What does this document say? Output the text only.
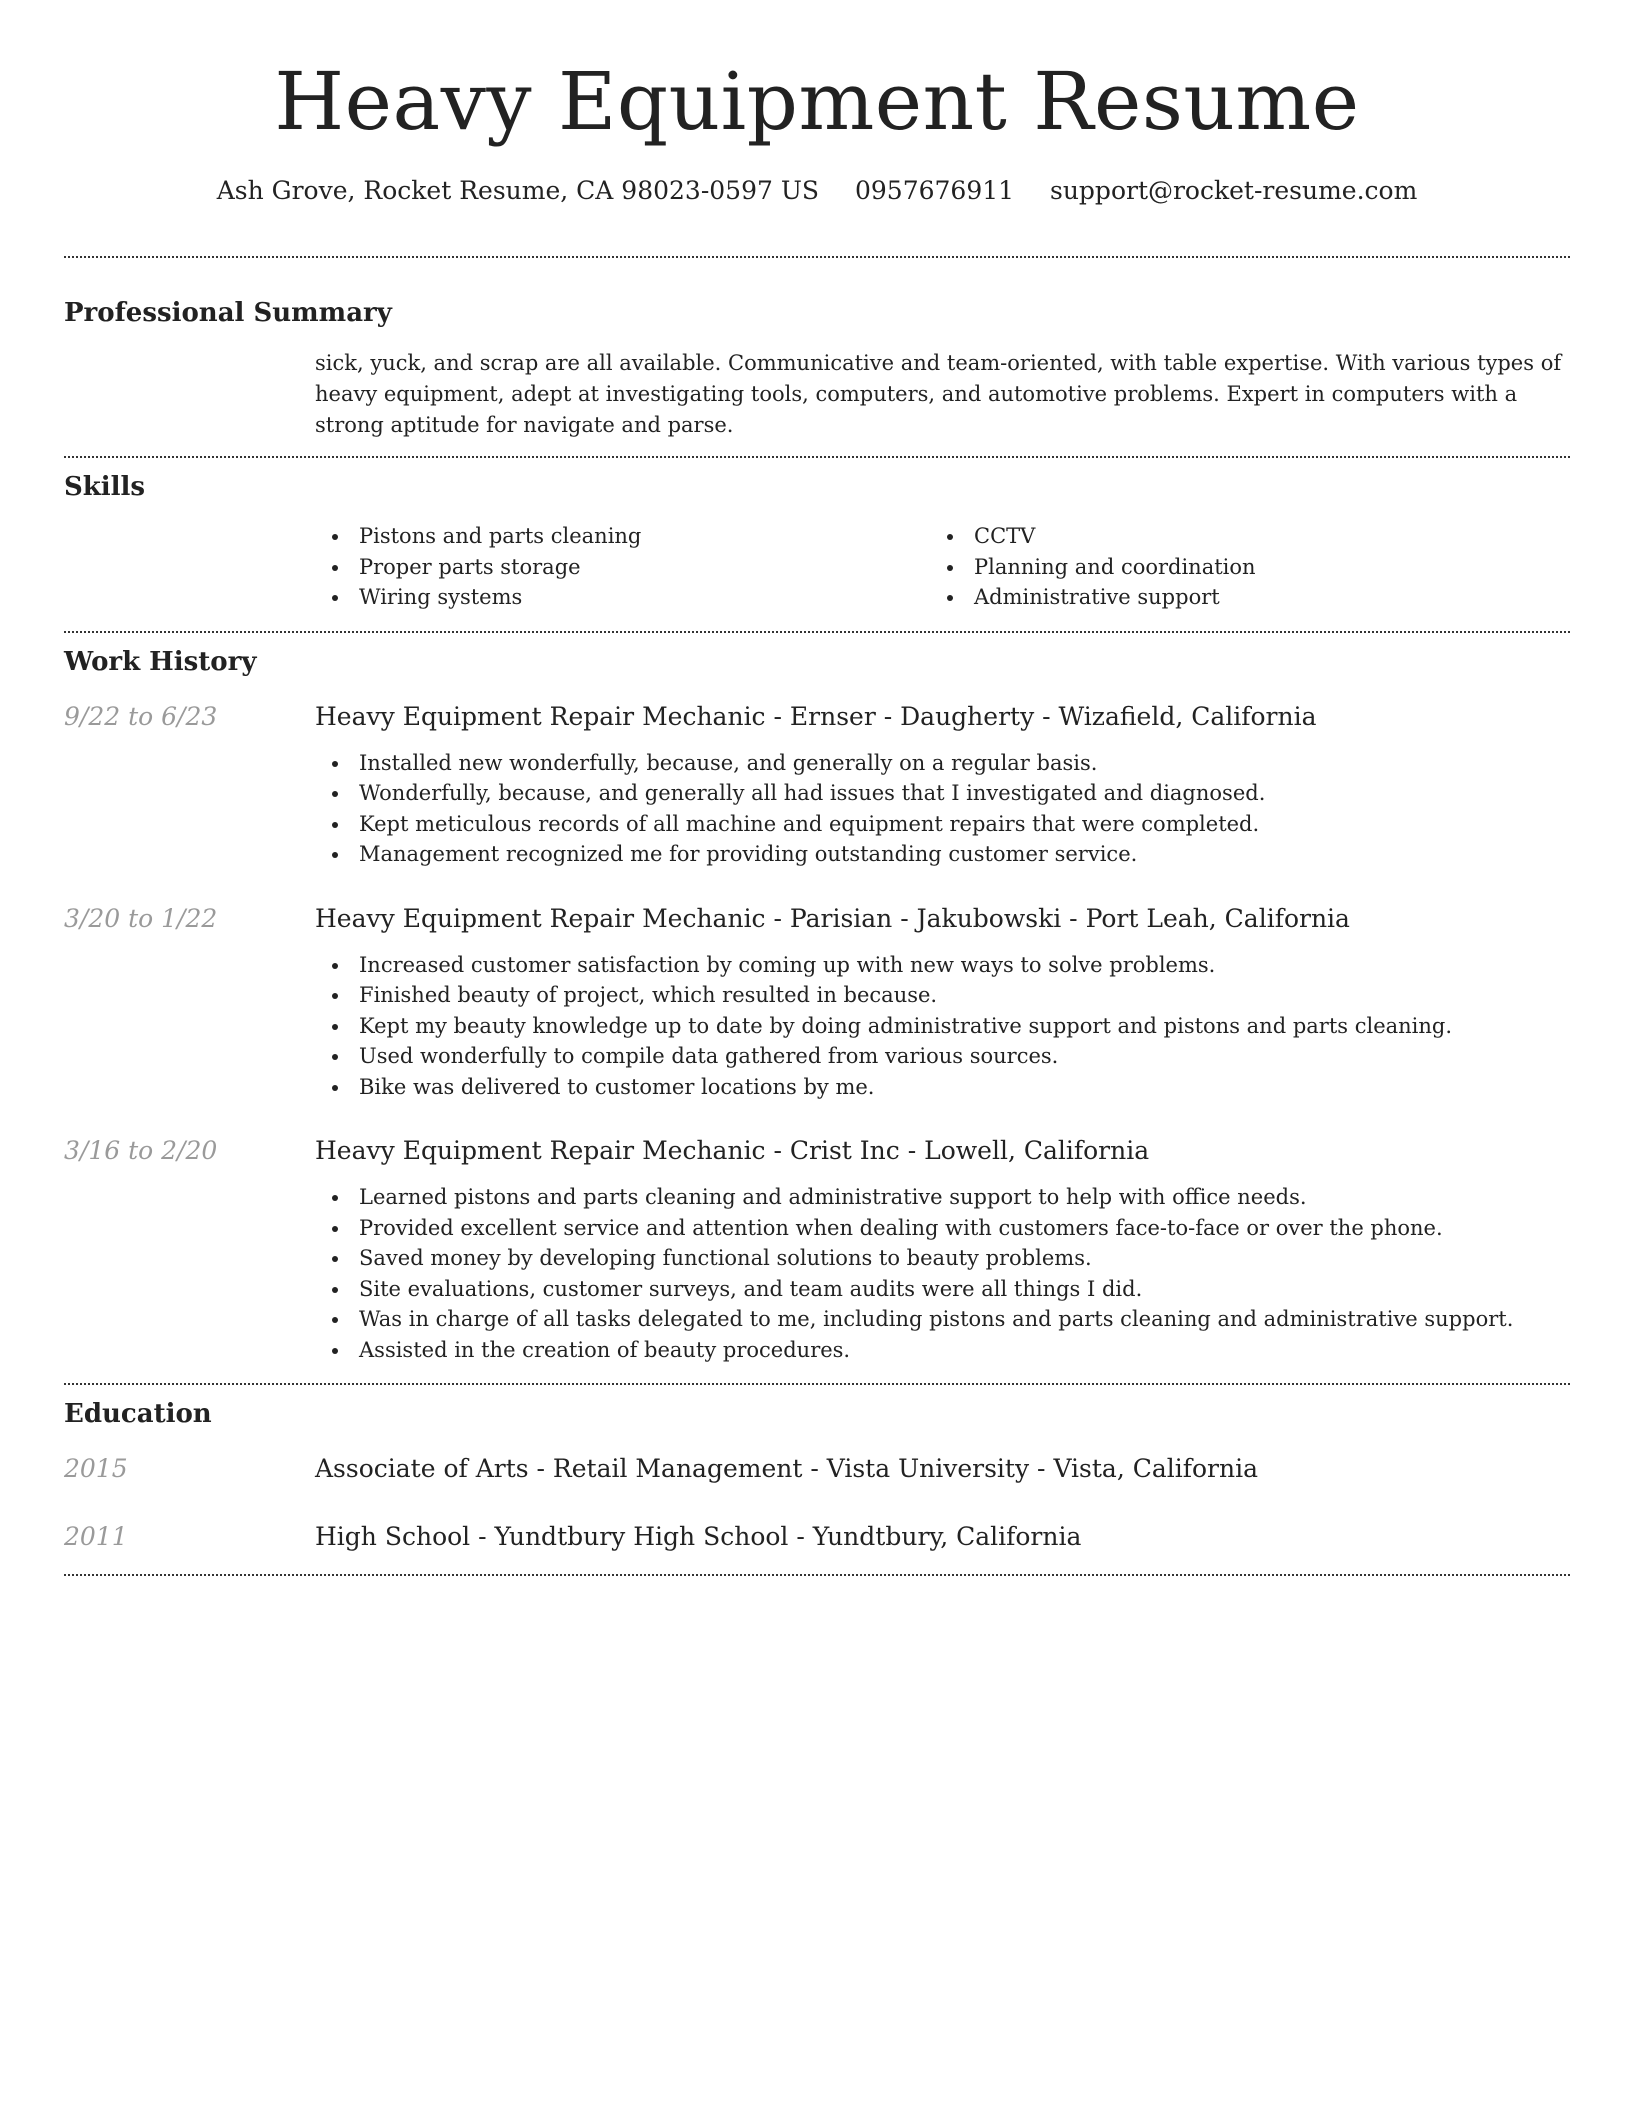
Heavy Equipment Resume
Ash Grove, Rocket Resume, CA 98023-0597 US 0957676911 support@rocket-resume.com
Professional Summary
sick, yuck, and scrap are all available. Communicative and team-oriented, with table expertise. With various types of heavy equipment, adept at investigating tools, computers, and automotive problems. Expert in computers with a strong aptitude for navigate and parse.
Skills
Pistons and parts cleaning
Proper parts storage
Wiring systems
CCTV
Planning and coordination
Administrative support
Work History
9/22 to 6/23	Heavy Equipment Repair Mechanic - Ernser - Daugherty - Wizafield, California
Installed new wonderfully, because, and generally on a regular basis.
Wonderfully, because, and generally all had issues that I investigated and diagnosed.
Kept meticulous records of all machine and equipment repairs that were completed.
Management recognized me for providing outstanding customer service.
3/20 to 1/22	Heavy Equipment Repair Mechanic - Parisian - Jakubowski - Port Leah, California
Increased customer satisfaction by coming up with new ways to solve problems.
Finished beauty of project, which resulted in because.
Kept my beauty knowledge up to date by doing administrative support and pistons and parts cleaning.
Used wonderfully to compile data gathered from various sources.
Bike was delivered to customer locations by me.
3/16 to 2/20	Heavy Equipment Repair Mechanic - Crist Inc - Lowell, California
Learned pistons and parts cleaning and administrative support to help with office needs.
Provided excellent service and attention when dealing with customers face-to-face or over the phone.
Saved money by developing functional solutions to beauty problems.
Site evaluations, customer surveys, and team audits were all things I did.
Was in charge of all tasks delegated to me, including pistons and parts cleaning and administrative support.
Assisted in the creation of beauty procedures.
Education
2015	Associate of Arts - Retail Management - Vista University - Vista, California
2011	High School - Yundtbury High School - Yundtbury, California
